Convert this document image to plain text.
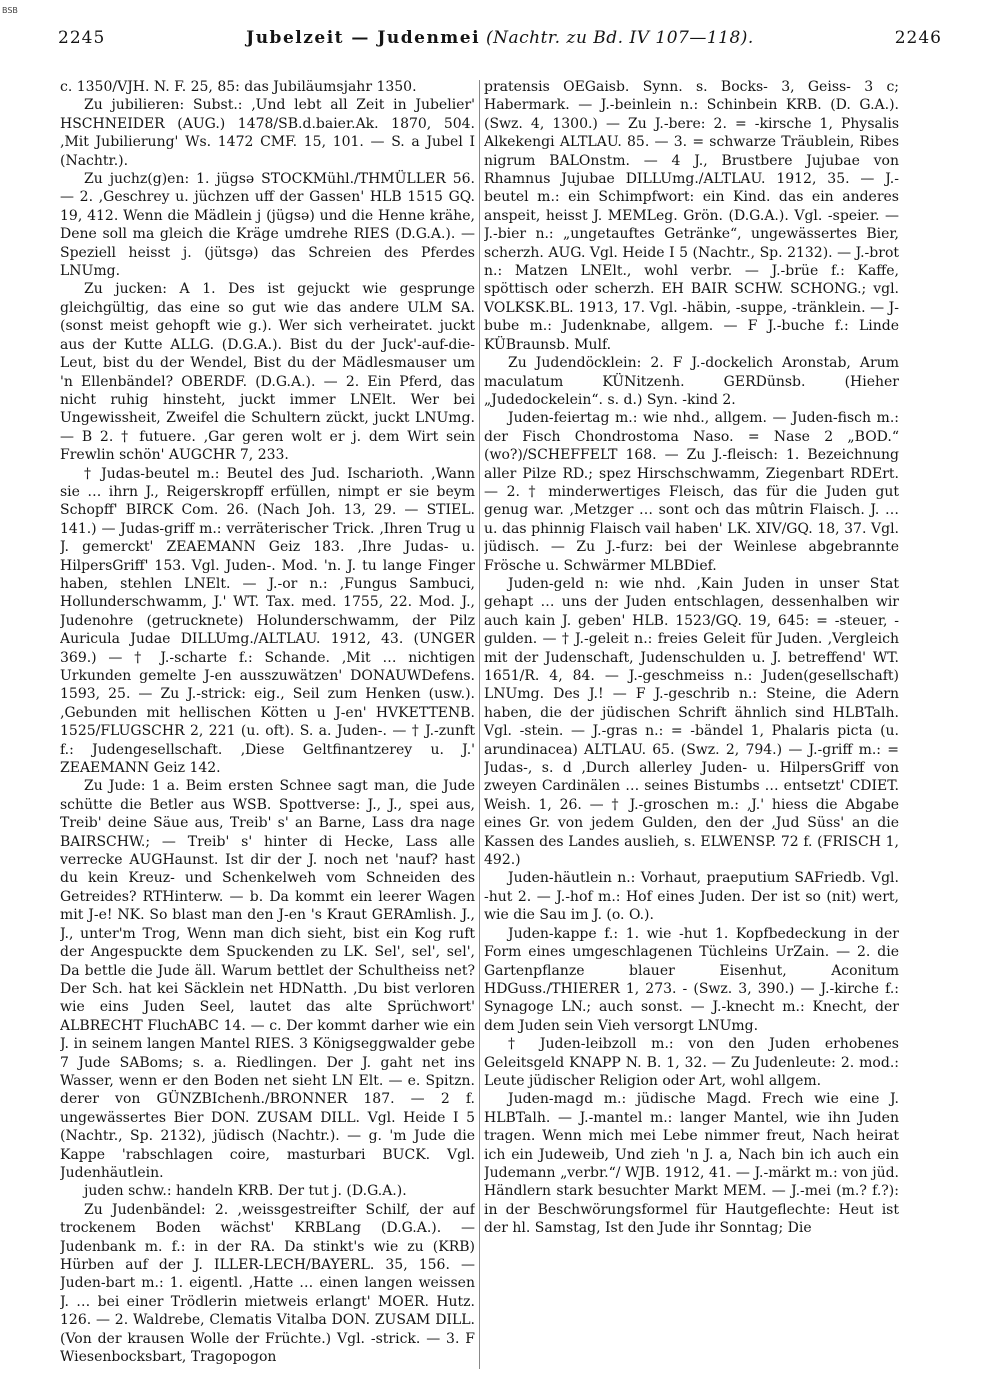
BSB
2245	Jubelzeit — Judenmei (Nachtr. zu Bd. IV 107—118).	2246

c. 1350/VJH. N. F. 25, 85: das Jubiläumsjahr 1350.

Zu jubilieren: Subst.: ‚Und lebt all Zeit in Jubelier' HSCHNEIDER (AUG.) 1478/SB.d.baier.Ak. 1870, 504. ‚Mit Jubilierung' Ws. 1472 CMF. 15, 101. — S. a Jubel I (Nachtr.).

Zu juchz(g)en: 1. jügsə STOCKMühl./THMÜLLER 56. — 2. ‚Geschrey u. jüchzen uff der Gassen' HLB 1515 GQ. 19, 412. Wenn die Mädlein j (jügsə) und die Henne krähe, Dene soll ma gleich die Kräge umdrehe RIES (D.G.A.). — Speziell heisst j. (jütsgə) das Schreien des Pferdes LNUmg.

Zu jucken: A 1. Des ist gejuckt wie gesprunge gleichgültig, das eine so gut wie das andere ULM SA. (sonst meist gehopft wie g.). Wer sich verheiratet. juckt aus der Kutte ALLG. (D.G.A.). Bist du der Juck'-auf-die-Leut, bist du der Wendel, Bist du der Mädlesmauser um 'n Ellenbändel? OBERDF. (D.G.A.). — 2. Ein Pferd, das nicht ruhig hinsteht, juckt immer LNElt. Wer bei Ungewissheit, Zweifel die Schultern zückt, juckt LNUmg. — B 2. † futuere. ‚Gar geren wolt er j. dem Wirt sein Frewlin schön' AUGCHR 7, 233.

† Judas-beutel m.: Beutel des Jud. Ischarioth. ‚Wann sie … ihrn J., Reigerskropff erfüllen, nimpt er sie beym Schopff' BIRCK Com. 26. (Nach Joh. 13, 29. — STIEL. 141.) — Judas-griff m.: verräterischer Trick. ‚Ihren Trug u J. gemerckt' ZEAEMANN Geiz 183. ‚Ihre Judas- u. HilpersGriff' 153. Vgl. Juden-. Mod. 'n. J. tu lange Finger haben, stehlen LNElt. — J.-or n.: ‚Fungus Sambuci, Hollunderschwamm, J.' WT. Tax. med. 1755, 22. Mod. J., Judenohre (getrucknete) Holunderschwamm, der Pilz Auricula Judae DILLUmg./ALTLAU. 1912, 43. (UNGER 369.) — † J.-scharte f.: Schande. ‚Mit … nichtigen Urkunden gemelte J-en ausszuwätzen' DONAUWDefens. 1593, 25. — Zu J.-strick: eig., Seil zum Henken (usw.). ‚Gebunden mit hellischen Kötten u J-en' HVKETTENB. 1525/FLUGSCHR 2, 221 (u. oft). S. a. Juden-. — † J.-zunft f.: Judengesellschaft. ‚Diese Geltfinantzerey u. J.' ZEAEMANN Geiz 142.

Zu Jude: 1 a. Beim ersten Schnee sagt man, die Jude schütte die Betler aus WSB. Spottverse: J., J., spei aus, Treib' deine Säue aus, Treib' s' an Barne, Lass dra nage BAIRSCHW.; — Treib' s' hinter di Hecke, Lass alle verrecke AUGHaunst. Ist dir der J. noch net 'nauf? hast du kein Kreuz- und Schenkelweh vom Schneiden des Getreides? RTHinterw. — b. Da kommt ein leerer Wagen mit J-e! NK. So blast man den J-en 's Kraut GERAmlish. J., J., unter'm Trog, Wenn man dich sieht, bist ein Kog ruft der Angespuckte dem Spuckenden zu LK. Sel', sel', sel', Da bettle die Jude äll. Warum bettlet der Schultheiss net? Der Sch. hat kei Säcklein net HDNatth. ‚Du bist verloren wie eins Juden Seel, lautet das alte Sprüchwort' ALBRECHT FluchABC 14. — c. Der kommt darher wie ein J. in seinem langen Mantel RIES. 3 Königseggwalder gebe 7 Jude SABoms; s. a. Riedlingen. Der J. gaht net ins Wasser, wenn er den Boden net sieht LN Elt. — e. Spitzn. derer von GÜNZBIchenh./BRONNER 187. — 2 f. ungewässertes Bier DON. ZUSAM DILL. Vgl. Heide I 5 (Nachtr., Sp. 2132), jüdisch (Nachtr.). — g. 'm Jude die Kappe 'rabschlagen coire, masturbari BUCK. Vgl. Judenhäutlein.

juden schw.: handeln KRB. Der tut j. (D.G.A.).

Zu Judenbändel: 2. ‚weissgestreifter Schilf, der auf trockenem Boden wächst' KRBLang (D.G.A.). — Judenbank m. f.: in der RA. Da stinkt's wie zu (KRB) Hürben auf der J. ILLER-LECH/BAYERL. 35, 156. — Juden-bart m.: 1. eigentl. ‚Hatte … einen langen weissen J. … bei einer Trödlerin mietweis erlangt' MOER. Hutz. 126. — 2. Waldrebe, Clematis Vitalba DON. ZUSAM DILL. (Von der krausen Wolle der Früchte.) Vgl. -strick. — 3. F Wiesenbocksbart, Tragopogon

pratensis OEGaisb. Synn. s. Bocks- 3, Geiss- 3 c; Habermark. — J.-beinlein n.: Schinbein KRB. (D. G.A.). (Swz. 4, 1300.) — Zu J.-bere: 2. = -kirsche 1, Physalis Alkekengi ALTLAU. 85. — 3. = schwarze Träublein, Ribes nigrum BALOnstm. — 4 J., Brustbere Jujubae von Rhamnus Jujubae DILLUmg./ALTLAU. 1912, 35. — J.-beutel m.: ein Schimpfwort: ein Kind. das ein anderes anspeit, heisst J. MEMLeg. Grön. (D.G.A.). Vgl. -speier. — J.-bier n.: „ungetauftes Getränke“, ungewässertes Bier, scherzh. AUG. Vgl. Heide I 5 (Nachtr., Sp. 2132). — J.-brot n.: Matzen LNElt., wohl verbr. — J.-brüe f.: Kaffe, spöttisch oder scherzh. EH BAIR SCHW. SCHONG.; vgl. VOLKSK.BL. 1913, 17. Vgl. -häbin, -suppe, -tränklein. — J-bube m.: Judenknabe, allgem. — F J.-buche f.: Linde KÜBraunsb. Mulf.

Zu Judendöcklein: 2. F J.-dockelich Aronstab, Arum maculatum KÜNitzenh. GERDünsb. (Hieher „Judedockelein“. s. d.) Syn. -kind 2.

Juden-feiertag m.: wie nhd., allgem. — Juden-fisch m.: der Fisch Chondrostoma Naso. = Nase 2 „BOD.“ (wo?)/SCHEFFELT 168. — Zu J.-fleisch: 1. Bezeichnung aller Pilze RD.; spez Hirschschwamm, Ziegenbart RDErt. — 2. † minderwertiges Fleisch, das für die Juden gut genug war. ‚Metzger … sont och das mûtrin Flaisch. J. … u. das phinnig Flaisch vail haben' LK. XIV/GQ. 18, 37. Vgl. jüdisch. — Zu J.-furz: bei der Weinlese abgebrannte Frösche u. Schwärmer MLBDief.

Juden-geld n: wie nhd. ‚Kain Juden in unser Stat gehapt … uns der Juden entschlagen, dessenhalben wir auch kain J. geben' HLB. 1523/GQ. 19, 645: = -steuer, -gulden. — † J.-geleit n.: freies Geleit für Juden. ‚Vergleich mit der Judenschaft, Judenschulden u. J. betreffend' WT. 1651/R. 4, 84. — J.-geschmeiss n.: Juden(gesellschaft) LNUmg. Des J.! — F J.-geschrib n.: Steine, die Adern haben, die der jüdischen Schrift ähnlich sind HLBTalh. Vgl. -stein. — J.-gras n.: = -bändel 1, Phalaris picta (u. arundinacea) ALTLAU. 65. (Swz. 2, 794.) — J.-griff m.: = Judas-, s. d ‚Durch allerley Juden- u. HilpersGriff von zweyen Cardinälen … seines Bistumbs … entsetzt' CDIET. Weish. 1, 26. — † J.-groschen m.: ‚J.' hiess die Abgabe eines Gr. von jedem Gulden, den der ‚Jud Süss' an die Kassen des Landes auslieh, s. ELWENSP. 72 f. (FRISCH 1, 492.)

Juden-häutlein n.: Vorhaut, praeputium SAFriedb. Vgl. -hut 2. — J.-hof m.: Hof eines Juden. Der ist so (nit) wert, wie die Sau im J. (o. O.).

Juden-kappe f.: 1. wie -hut 1. Kopfbedeckung in der Form eines umgeschlagenen Tüchleins UrZain. — 2. die Gartenpflanze blauer Eisenhut, Aconitum HDGuss./THIERER 1, 273. - (Swz. 3, 390.) — J.-kirche f.: Synagoge LN.; auch sonst. — J.-knecht m.: Knecht, der dem Juden sein Vieh versorgt LNUmg.

† Juden-leibzoll m.: von den Juden erhobenes Geleitsgeld KNAPP N. B. 1, 32. — Zu Judenleute: 2. mod.: Leute jüdischer Religion oder Art, wohl allgem.

Juden-magd m.: jüdische Magd. Frech wie eine J. HLBTalh. — J.-mantel m.: langer Mantel, wie ihn Juden tragen. Wenn mich mei Lebe nimmer freut, Nach heirat ich ein Judeweib, Und zieh 'n J. a, Nach bin ich auch ein Judemann „verbr.“/ WJB. 1912, 41. — J.-märkt m.: von jüd. Händlern stark besuchter Markt MEM. — J.-mei (m.? f.?): in der Beschwörungsformel für Hautgeflechte: Heut ist der hl. Samstag, Ist den Jude ihr Sonntag; Die
